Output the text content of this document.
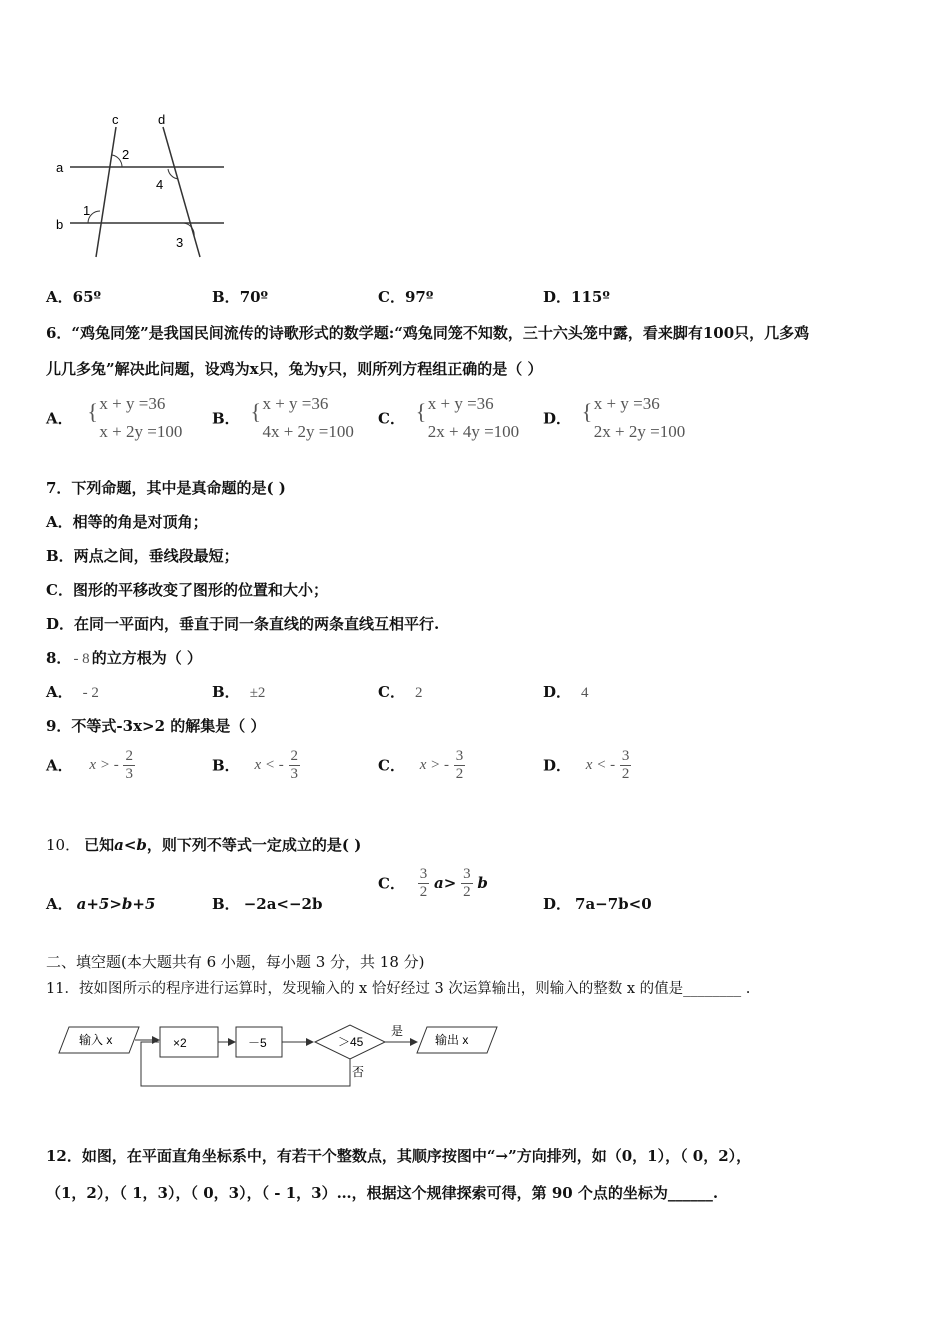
a
b
c	d
1
2
3
4
A．65º	B．70º	C．97º	D．115º
6．“鸡兔同笼”是我国民间流传的诗歌形式的数学题:“鸡兔同笼不知数，三十六头笼中露，看来脚有100只，几多鸡
儿几多兔”解决此问题，设鸡为x只，兔为y只，则所列方程组正确的是（ ）
A． { x + y =36
x + 2y =100
B． { x + y =36
4x + 2y =100
C． { x + y =36
2x + 4y =100
D． { x + y =36
2x + 2y =100
7．下列命题，其中是真命题的是( )
A．相等的角是对顶角；
B．两点之间，垂线段最短；
C．图形的平移改变了图形的位置和大小；
D．在同一平面内，垂直于同一条直线的两条直线互相平行.
8． - 8 的立方根为（ ）
A． - 2	B． ±2	C． 2	D． 4
9．不等式-3x>2 的解集是（ ）
A． x > - $\frac{2}{3}$	B． x < - $\frac{2}{3}$	C． x > - $\frac{3}{2}$	D． x < - $\frac{3}{2}$
10． 已知a<b，则下列不等式一定成立的是( )
A． a+5>b+5	B． −2a<−2b
C． $\frac{3}{2} a> \frac{3}{2}$ b
D． 7a−7b<0
二、填空题(本大题共有 6 小题，每小题 3 分，共 18 分)
11．按如图所示的程序进行运算时，发现输入的 x 恰好经过 3 次运算输出，则输入的整数 x 的值是________ .
输入 x	×2	－5	＞45
是
输出 x
否
12．如图，在平面直角坐标系中，有若干个整数点，其顺序按图中“→”方向排列，如（0，1），（ 0，2），
（1，2），（ 1，3），（ 0，3），（ - 1，3）…，根据这个规律探索可得，第 90 个点的坐标为______.
